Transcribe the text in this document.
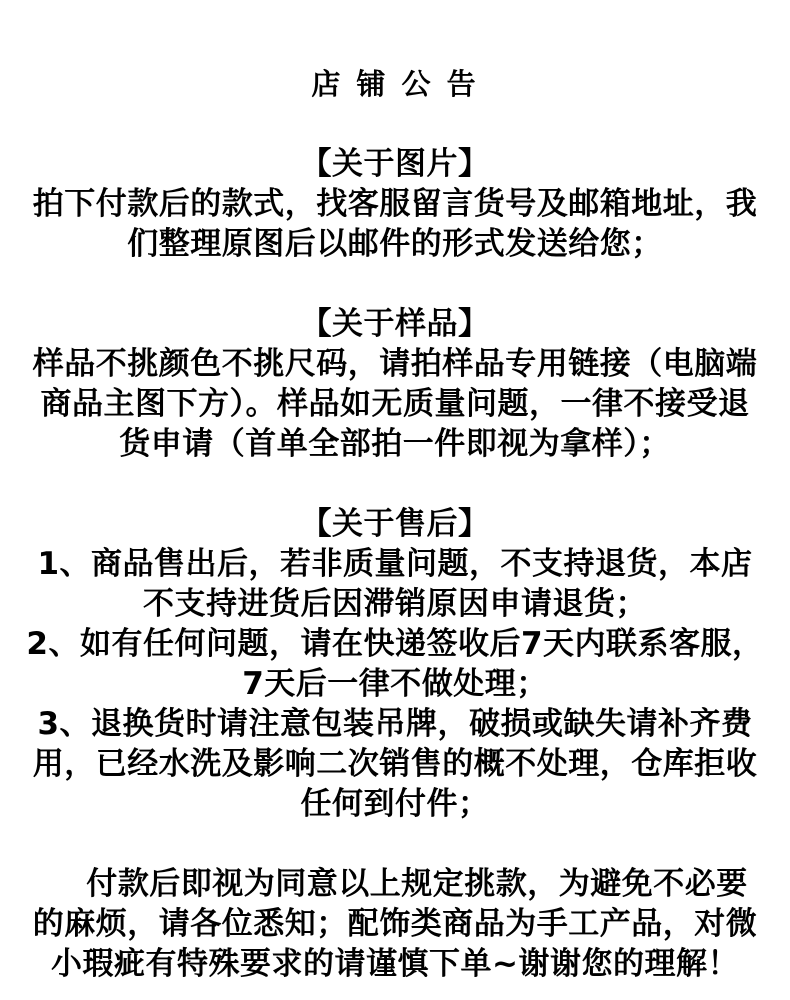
店 铺 公 告
【关于图片】
拍下付款后的款式，找客服留言货号及邮箱地址，我
们整理原图后以邮件的形式发送给您；
【关于样品】
样品不挑颜色不挑尺码，请拍样品专用链接（电脑端
商品主图下方）。样品如无质量问题，一律不接受退
货申请（首单全部拍一件即视为拿样）；
【关于售后】
1、商品售出后，若非质量问题，不支持退货，本店
不支持进货后因滞销原因申请退货；
2、如有任何问题，请在快递签收后7天内联系客服，
7天后一律不做处理；
3、退换货时请注意包装吊牌，破损或缺失请补齐费
用，已经水洗及影响二次销售的概不处理，仓库拒收
任何到付件；
付款后即视为同意以上规定挑款，为避免不必要
的麻烦，请各位悉知；配饰类商品为手工产品，对微
小瑕疵有特殊要求的请谨慎下单~谢谢您的理解！
